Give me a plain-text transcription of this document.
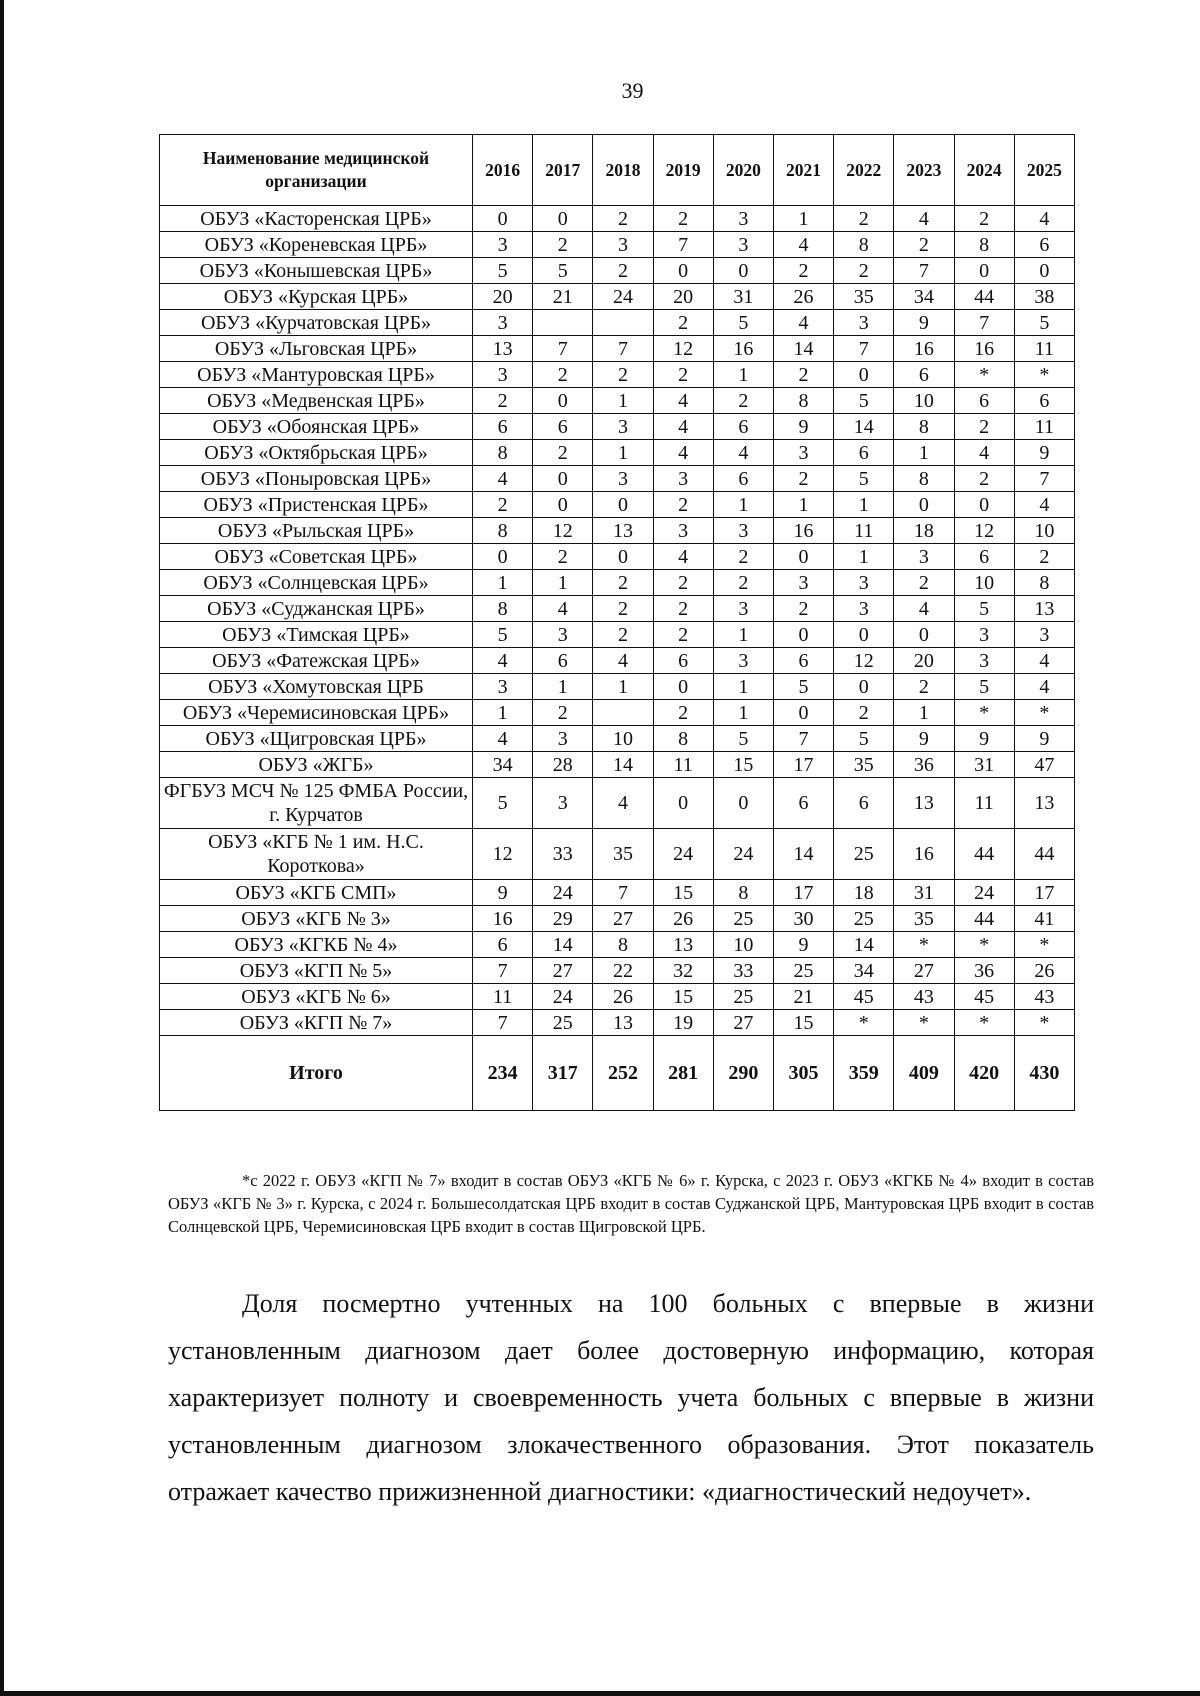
39
Наименование медицинской организации	2016	2017	2018	2019	2020	2021	2022	2023	2024	2025
ОБУЗ «Касторенская ЦРБ»	0	0	2	2	3	1	2	4	2	4
ОБУЗ «Кореневская ЦРБ»	3	2	3	7	3	4	8	2	8	6
ОБУЗ «Конышевская ЦРБ»	5	5	2	0	0	2	2	7	0	0
ОБУЗ «Курская ЦРБ»	20	21	24	20	31	26	35	34	44	38
ОБУЗ «Курчатовская ЦРБ»	3			2	5	4	3	9	7	5
ОБУЗ «Льговская ЦРБ»	13	7	7	12	16	14	7	16	16	11
ОБУЗ «Мантуровская ЦРБ»	3	2	2	2	1	2	0	6	*	*
ОБУЗ «Медвенская ЦРБ»	2	0	1	4	2	8	5	10	6	6
ОБУЗ «Обоянская ЦРБ»	6	6	3	4	6	9	14	8	2	11
ОБУЗ «Октябрьская ЦРБ»	8	2	1	4	4	3	6	1	4	9
ОБУЗ «Поныровская ЦРБ»	4	0	3	3	6	2	5	8	2	7
ОБУЗ «Пристенская ЦРБ»	2	0	0	2	1	1	1	0	0	4
ОБУЗ «Рыльская ЦРБ»	8	12	13	3	3	16	11	18	12	10
ОБУЗ «Советская ЦРБ»	0	2	0	4	2	0	1	3	6	2
ОБУЗ «Солнцевская ЦРБ»	1	1	2	2	2	3	3	2	10	8
ОБУЗ «Суджанская ЦРБ»	8	4	2	2	3	2	3	4	5	13
ОБУЗ «Тимская ЦРБ»	5	3	2	2	1	0	0	0	3	3
ОБУЗ «Фатежская ЦРБ»	4	6	4	6	3	6	12	20	3	4
ОБУЗ «Хомутовская ЦРБ	3	1	1	0	1	5	0	2	5	4
ОБУЗ «Черемисиновская ЦРБ»	1	2		2	1	0	2	1	*	*
ОБУЗ «Щигровская ЦРБ»	4	3	10	8	5	7	5	9	9	9
ОБУЗ «ЖГБ»	34	28	14	11	15	17	35	36	31	47
ФГБУЗ МСЧ № 125 ФМБА России, г. Курчатов	5	3	4	0	0	6	6	13	11	13
ОБУЗ «КГБ № 1 им. Н.С. Короткова»	12	33	35	24	24	14	25	16	44	44
ОБУЗ «КГБ СМП»	9	24	7	15	8	17	18	31	24	17
ОБУЗ «КГБ № 3»	16	29	27	26	25	30	25	35	44	41
ОБУЗ «КГКБ № 4»	6	14	8	13	10	9	14	*	*	*
ОБУЗ «КГП № 5»	7	27	22	32	33	25	34	27	36	26
ОБУЗ «КГБ № 6»	11	24	26	15	25	21	45	43	45	43
ОБУЗ «КГП № 7»	7	25	13	19	27	15	*	*	*	*
Итого	234	317	252	281	290	305	359	409	420	430
*с 2022 г. ОБУЗ «КГП № 7» входит в состав ОБУЗ «КГБ № 6» г. Курска, с 2023 г. ОБУЗ «КГКБ № 4» входит в состав ОБУЗ «КГБ № 3» г. Курска, с 2024 г. Большесолдатская ЦРБ входит в состав Суджанской ЦРБ, Мантуровская ЦРБ входит в состав Солнцевской ЦРБ, Черемисиновская ЦРБ входит в состав Щигровской ЦРБ.
Доля посмертно учтенных на 100 больных с впервые в жизни установленным диагнозом дает более достоверную информацию, которая характеризует полноту и своевременность учета больных с впервые в жизни установленным диагнозом злокачественного образования. Этот показатель отражает качество прижизненной диагностики: «диагностический недоучет».
